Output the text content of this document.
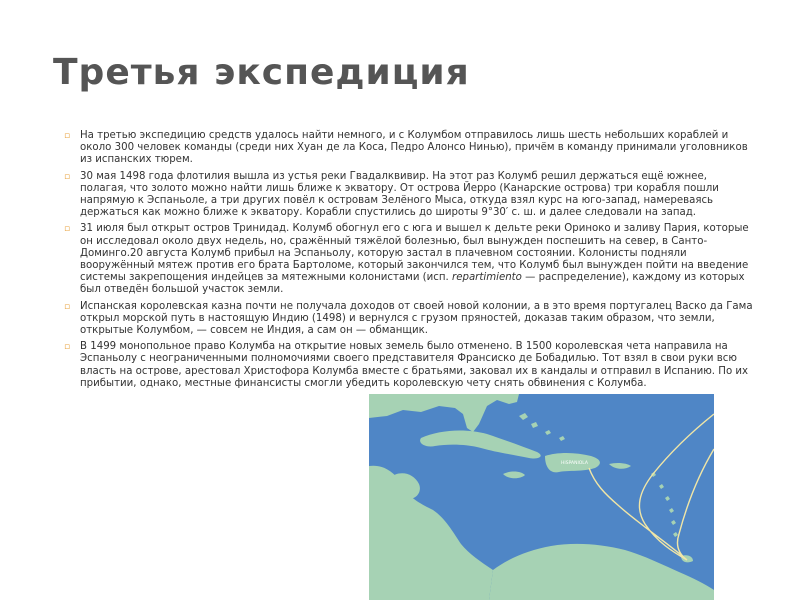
Третья экспедиция
▫ На третью экспедицию средств удалось найти немного, и с Колумбом отправилось лишь шесть небольших кораблей и около 300 человек команды (среди них Хуан де ла Коса, Педро Алонсо Нинью), причём в команду принимали уголовников из испанских тюрем.
▫ 30 мая 1498 года флотилия вышла из устья реки Гвадалквивир. На этот раз Колумб решил держаться ещё южнее, полагая, что золото можно найти лишь ближе к экватору. От острова Йерро (Канарские острова) три корабля пошли напрямую к Эспаньоле, а три других повёл к островам Зелёного Мыса, откуда взял курс на юго-запад, намереваясь держаться как можно ближе к экватору. Корабли спустились до широты 9°30′ с. ш. и далее следовали на запад.
▫ 31 июля был открыт остров Тринидад. Колумб обогнул его с юга и вышел к дельте реки Ориноко и заливу Пария, которые он исследовал около двух недель, но, сражённый тяжёлой болезнью, был вынужден поспешить на север, в Санто-Доминго.20 августа Колумб прибыл на Эспаньолу, которую застал в плачевном состоянии. Колонисты подняли вооружённый мятеж против его брата Бартоломе, который закончился тем, что Колумб был вынужден пойти на введение системы закрепощения индейцев за мятежными колонистами (исп. repartimiento — распределение), каждому из которых был отведён большой участок земли.
▫ Испанская королевская казна почти не получала доходов от своей новой колонии, а в это время португалец Васко да Гама открыл морской путь в настоящую Индию (1498) и вернулся с грузом пряностей, доказав таким образом, что земли, открытые Колумбом, — совсем не Индия, а сам он — обманщик.
▫ В 1499 монопольное право Колумба на открытие новых земель было отменено. В 1500 королевская чета направила на Эспаньолу с неограниченными полномочиями своего представителя Франсиско де Бобадилью. Тот взял в свои руки всю власть на острове, арестовал Христофора Колумба вместе с братьями, заковал их в кандалы и отправил в Испанию. По их прибытии, однако, местные финансисты смогли убедить королевскую чету снять обвинения с Колумба.
HISPANIOLA
